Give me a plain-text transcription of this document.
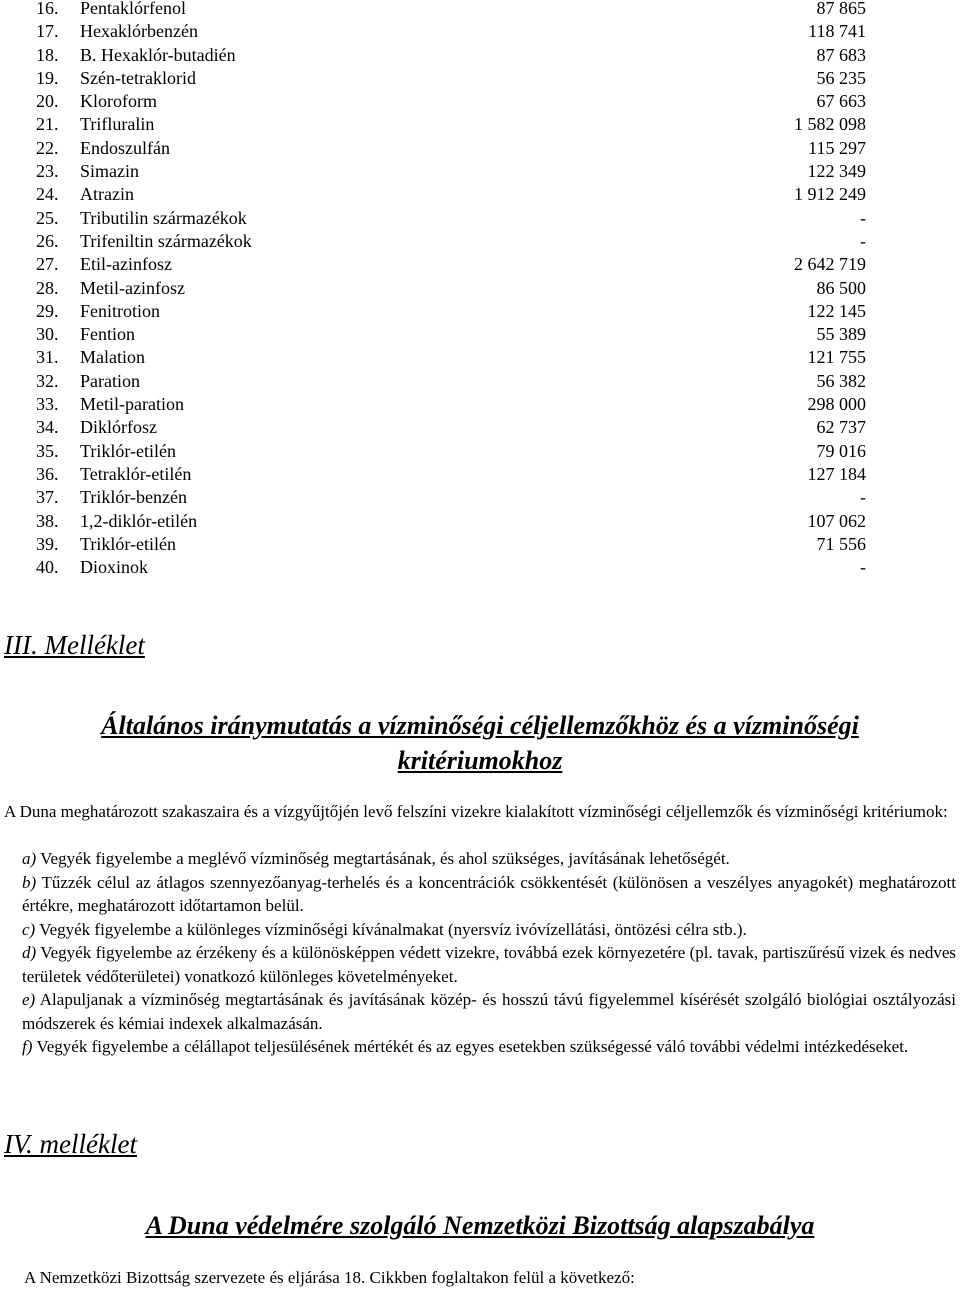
16.	Pentaklórfenol	87 865
17.	Hexaklórbenzén	118 741
18.	B. Hexaklór-butadién	87 683
19.	Szén-tetraklorid	56 235
20.	Kloroform	67 663
21.	Trifluralin	1 582 098
22.	Endoszulfán	115 297
23.	Simazin	122 349
24.	Atrazin	1 912 249
25.	Tributilin származékok	-
26.	Trifeniltin származékok	-
27.	Etil-azinfosz	2 642 719
28.	Metil-azinfosz	86 500
29.	Fenitrotion	122 145
30.	Fention	55 389
31.	Malation	121 755
32.	Paration	56 382
33.	Metil-paration	298 000
34.	Diklórfosz	62 737
35.	Triklór-etilén	79 016
36.	Tetraklór-etilén	127 184
37.	Triklór-benzén	-
38.	1,2-diklór-etilén	107 062
39.	Triklór-etilén	71 556
40.	Dioxinok	-
III. Melléklet
Általános iránymutatás a vízminőségi céljellemzőkhöz és a vízminőségi
kritériumokhoz
A Duna meghatározott szakaszaira és a vízgyűjtőjén levő felszíni vizekre kialakított vízminőségi céljellemzők és vízminőségi kritériumok:
a) Vegyék figyelembe a meglévő vízminőség megtartásának, és ahol szükséges, javításának lehetőségét.
b) Tűzzék célul az átlagos szennyezőanyag-terhelés és a koncentrációk csökkentését (különösen a veszélyes anyagokét) meghatározott értékre, meghatározott időtartamon belül.
c) Vegyék figyelembe a különleges vízminőségi kívánalmakat (nyersvíz ivóvízellátási, öntözési célra stb.).
d) Vegyék figyelembe az érzékeny és a különösképpen védett vizekre, továbbá ezek környezetére (pl. tavak, partiszűrésű vizek és nedves területek védőterületei) vonatkozó különleges követelményeket.
e) Alapuljanak a vízminőség megtartásának és javításának közép- és hosszú távú figyelemmel kísérését szolgáló biológiai osztályozási módszerek és kémiai indexek alkalmazásán.
f) Vegyék figyelembe a célállapot teljesülésének mértékét és az egyes esetekben szükségessé váló további védelmi intézkedéseket.
IV. melléklet
A Duna védelmére szolgáló Nemzetközi Bizottság alapszabálya
A Nemzetközi Bizottság szervezete és eljárása 18. Cikkben foglaltakon felül a következő:
